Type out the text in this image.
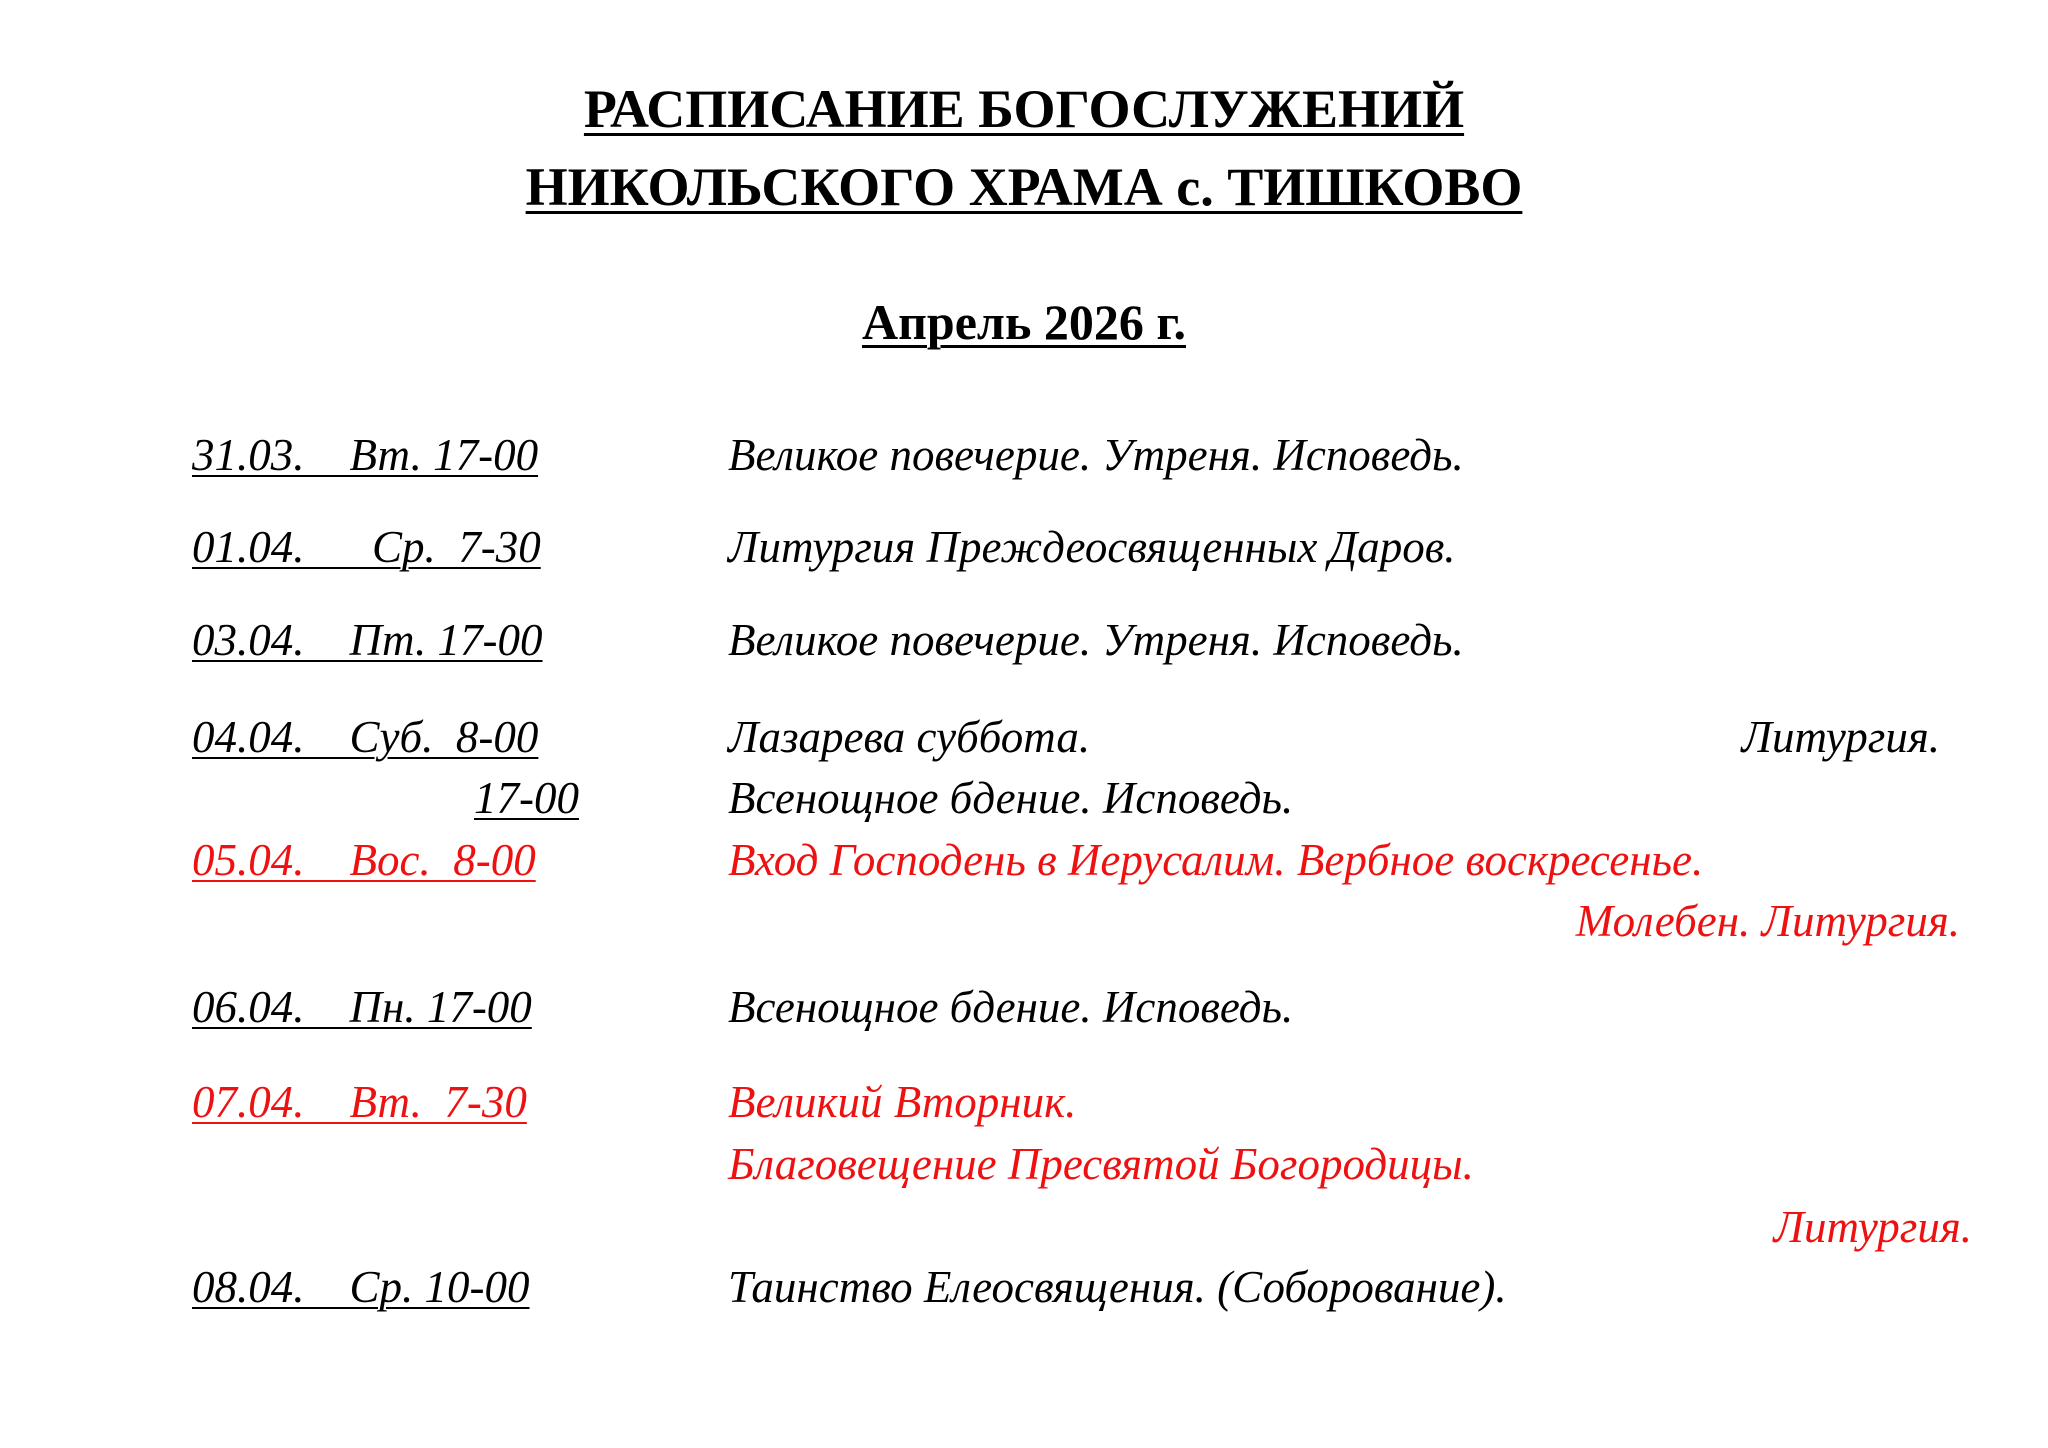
РАСПИСАНИЕ БОГОСЛУЖЕНИЙ
НИКОЛЬСКОГО ХРАМА с. ТИШКОВО
Апрель 2026 г.
31.03.    Вт. 17-00	Великое повечерие. Утреня. Исповедь.
01.04.      Ср.  7-30	Литургия Преждеосвященных Даров.
03.04.    Пт. 17-00	Великое повечерие. Утреня. Исповедь.
04.04.    Суб.  8-00	Лазарева суббота.	Литургия.
17-00	Всенощное бдение. Исповедь.
05.04.    Вос.  8-00	Вход Господень в Иерусалим. Вербное воскресенье.
Молебен. Литургия.
06.04.    Пн. 17-00	Всенощное бдение. Исповедь.
07.04.    Вт.  7-30	Великий Вторник.
Благовещение Пресвятой Богородицы.
Литургия.
08.04.    Ср. 10-00	Таинство Елеосвящения. (Соборование).
